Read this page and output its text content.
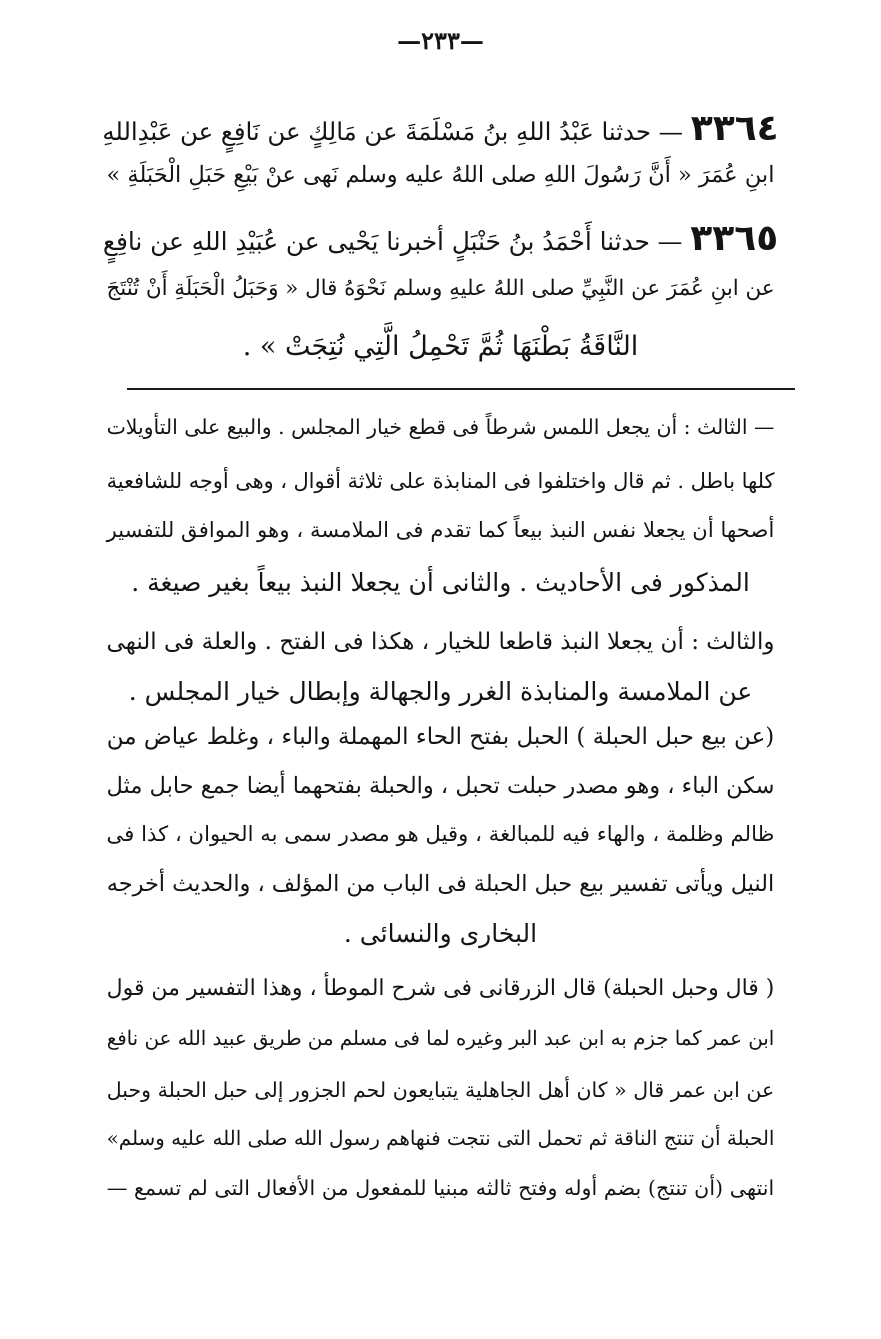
—٢٣٣—
٣٣٦٤ — حدثنا عَبْدُ اللهِ بنُ مَسْلَمَةَ عن مَالِكٍ عن نَافِعٍ عن عَبْدِاللهِ
ابنِ عُمَرَ « أَنَّ رَسُولَ اللهِ صلى اللهُ عليه وسلم نَهى عنْ بَيْعِ حَبَلِ الْحَبَلَةِ »
٣٣٦٥ — حدثنا أَحْمَدُ بنُ حَنْبَلٍ أخبرنا يَحْيى عن عُبَيْدِ اللهِ عن نافِعٍ
عن ابنِ عُمَرَ عن النَّبِيِّ صلى اللهُ عليهِ وسلم نَحْوَهُ قال « وَحَبَلُ الْحَبَلَةِ أَنْ تُنْتَجَ
النَّاقَةُ بَطْنَهَا ثُمَّ تَحْمِلُ الَّتِي نُتِجَتْ » .
— الثالث : أن يجعل اللمس شرطاً فى قطع خيار المجلس . والبيع على التأويلات
كلها باطل . ثم قال واختلفوا فى المنابذة على ثلاثة أقوال ، وهى أوجه للشافعية
أصحها أن يجعلا نفس النبذ بيعاً كما تقدم فى الملامسة ، وهو الموافق للتفسير
المذكور فى الأحاديث . والثانى أن يجعلا النبذ بيعاً بغير صيغة .
والثالث : أن يجعلا النبذ قاطعا للخيار ، هكذا فى الفتح . والعلة فى النهى
عن الملامسة والمنابذة الغرر والجهالة وإبطال خيار المجلس .
(عن بيع حبل الحبلة ) الحبل بفتح الحاء المهملة والباء ، وغلط عياض من
سكن الباء ، وهو مصدر حبلت تحبل ، والحبلة بفتحهما أيضا جمع حابل مثل
ظالم وظلمة ، والهاء فيه للمبالغة ، وقيل هو مصدر سمى به الحيوان ، كذا فى
النيل ويأتى تفسير بيع حبل الحبلة فى الباب من المؤلف ، والحديث أخرجه
البخارى والنسائى .
( قال وحبل الحبلة) قال الزرقانى فى شرح الموطأ ، وهذا التفسير من قول
ابن عمر كما جزم به ابن عبد البر وغيره لما فى مسلم من طريق عبيد الله عن نافع
عن ابن عمر قال « كان أهل الجاهلية يتبايعون لحم الجزور إلى حبل الحبلة وحبل
الحبلة أن تنتج الناقة ثم تحمل التى نتجت فنهاهم رسول الله صلى الله عليه وسلم»
انتهى (أن تنتج) بضم أوله وفتح ثالثه مبنيا للمفعول من الأفعال التى لم تسمع —
